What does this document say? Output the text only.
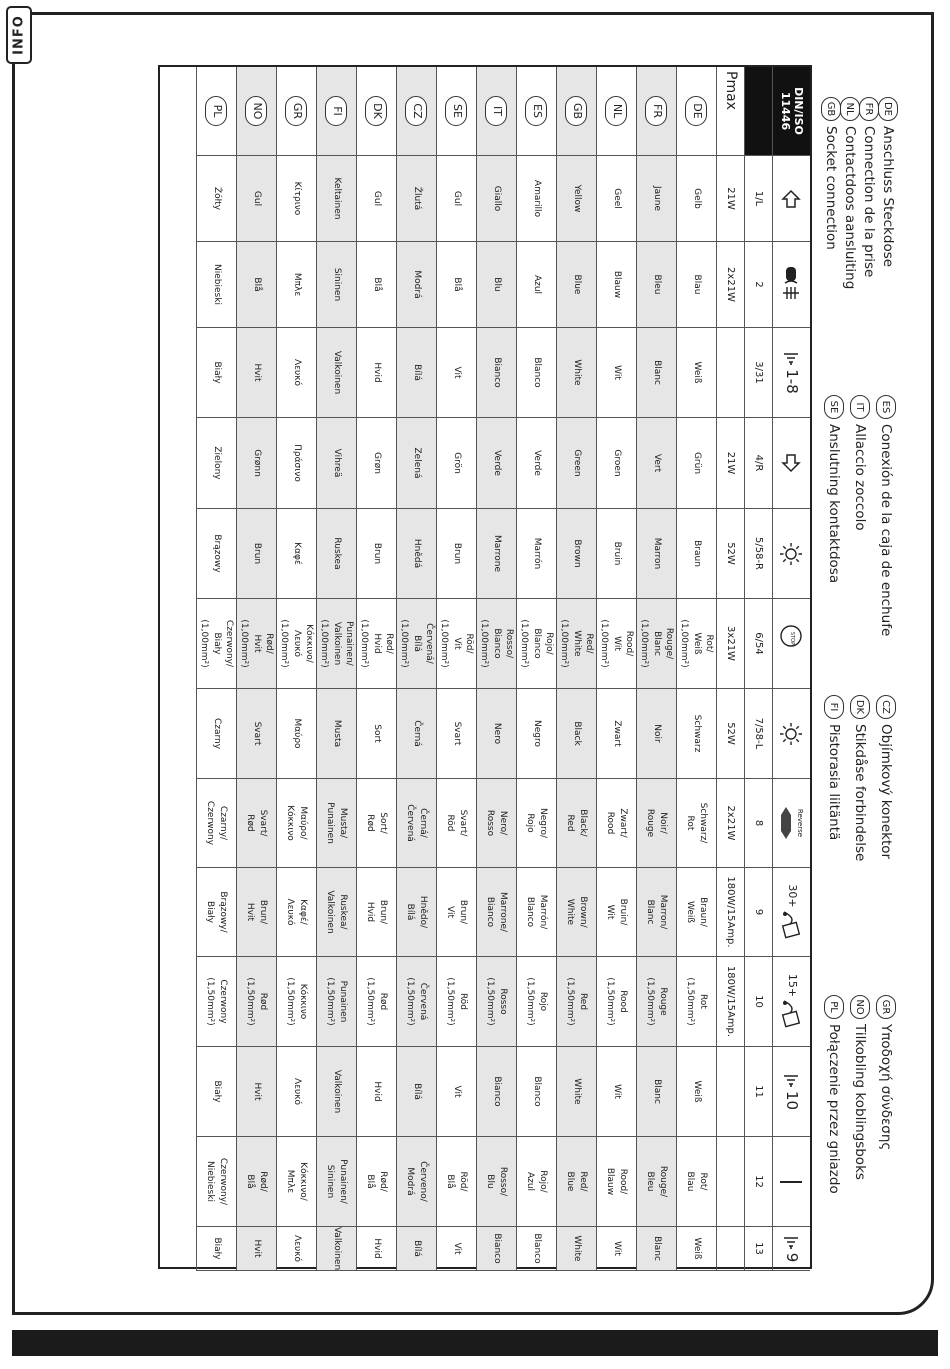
INFO
DE
Anschluss Steckdose
FR
Connection de la prise
NL
Contactdoos aansluiting
GB
Socket connection
ES
Conexión de la caja de enchufe
IT
Allaccio zoccolo
SE
Anslutning kontaktdosa
CZ
Objímkový konektor
DK
Stikdåse forbindelse
FI
Pistorasia liitäntä
GR
Υποδοχή σύνδεσης
NO
Tilkobling koblingsboks
PL
Połączenie przez gniazdo
DIN/ISO
11446
1-8
STOP
Reverse
30+
15+
10
9
1/L
2
3/31
4/R
5/58-R
6/54
7/58-L
8
9
10
11
12
13
Pmax
21W
2x21W
21W
52W
3x21W
52W
2x21W
180W/15Amp.
180W/15Amp.
DE
Gelb
Blau
Weiß
Grün
Braun
Rot/
Weiß
(1,00mm²)
Schwarz
Schwarz/
Rot
Braun/
Weiß
Rot
(1,50mm²)
Weiß
Rot/
Blau
Weiß
FR
Jaune
Bleu
Blanc
Vert
Marron
Rouge/
Blanc
(1,00mm²)
Noir
Noir/
Rouge
Marron/
Blanc
Rouge
(1,50mm²)
Blanc
Rouge/
Bleu
Blanc
NL
Geel
Blauw
Wit
Groen
Bruin
Rood/
Wit
(1,00mm²)
Zwart
Zwart/
Rood
Bruin/
Wit
Rood
(1,50mm²)
Wit
Rood/
Blauw
Wit
GB
Yellow
Blue
White
Green
Brown
Red/
White
(1,00mm²)
Black
Black/
Red
Brown/
White
Red
(1,50mm²)
White
Red/
Blue
White
ES
Amarillo
Azul
Blanco
Verde
Marrón
Rojo/
Blanco
(1,00mm²)
Negro
Negro/
Rojo
Marrón/
Blanco
Rojo
(1,50mm²)
Blanco
Rojo/
Azul
Blanco
IT
Giallo
Blu
Bianco
Verde
Marrone
Rosso/
Bianco
(1,00mm²)
Nero
Nero/
Rosso
Marrone/
Bianco
Rosso
(1,50mm²)
Bianco
Rosso/
Blu
Bianco
SE
Gul
Blå
Vit
Grön
Brun
Röd/
Vit
(1,00mm²)
Svart
Svart/
Röd
Brun/
Vit
Röd
(1,50mm²)
Vit
Röd/
Blå
Vit
CZ
Žlutá
Modrá
Bílá
Zelená
Hnědá
Červená/
Bílá
(1,00mm²)
Černá
Černá/
Červená
Hnědo/
Bílá
Červená
(1,50mm²)
Bílá
Červeno/
Modrá
Bílá
DK
Gul
Blå
Hvid
Grøn
Brun
Rød/
Hvid
(1,00mm²)
Sort
Sort/
Rød
Brun/
Hvid
Rød
(1,50mm²)
Hvid
Rød/
Blå
Hvid
FI
Keltainen
Sininen
Valkoinen
Vihreä
Ruskea
Punainen/
Valkoinen
(1,00mm²)
Musta
Musta/
Punainen
Ruskea/
Valkoinen
Punainen
(1,50mm²)
Valkoinen
Punainen/
Sininen
Valkoinen
GR
Κίτρινο
Μπλε
Λευκό
Πράσινο
Καφέ
Κόκκινο/
Λευκό
(1,00mm²)
Μαύρο
Μαύρο/
Κόκκινο
Καφέ/
Λευκό
Κόκκινο
(1,50mm²)
Λευκό
Κόκκινο/
Μπλε
Λευκό
NO
Gul
Blå
Hvit
Grønn
Brun
Rød/
Hvit
(1,00mm²)
Svart
Svart/
Rød
Brun/
Hvit
Rød
(1,50mm²)
Hvit
Rød/
Blå
Hvit
PL
Żółty
Niebieski
Biały
Zielony
Brązowy
Czerwony/
Biały
(1,00mm²)
Czarny
Czarny/
Czerwony
Brązowy/
Biały
Czerwony
(1,50mm²)
Biały
Czerwony/
Niebieski
Biały
